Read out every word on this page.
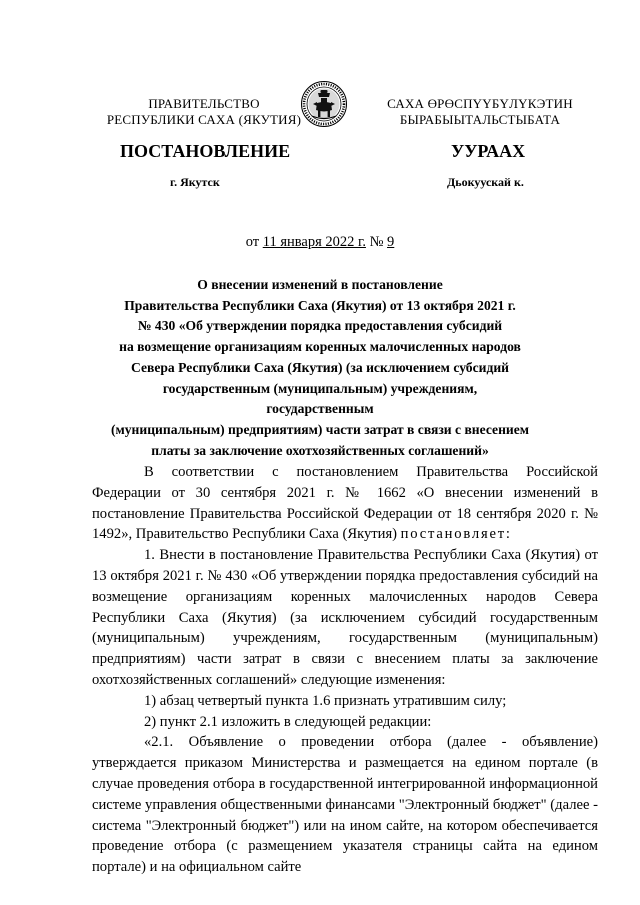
ПРАВИТЕЛЬСТВО
РЕСПУБЛИКИ САХА (ЯКУТИЯ)
САХА ӨРӨСПҮҮБҮЛҮКЭТИН
БЫРАБЫЫТАЛЬСТЫБАТА
ПОСТАНОВЛЕНИЕ	УУРААХ
г. Якутск	Дьокуускай к.
от 11 января 2022 г. № 9
О внесении изменений в постановление
Правительства Республики Саха (Якутия) от 13 октября 2021 г.
№ 430 «Об утверждении порядка предоставления субсидий
на возмещение организациям коренных малочисленных народов
Севера Республики Саха (Якутия) (за исключением субсидий
государственным (муниципальным) учреждениям, государственным
(муниципальным) предприятиям) части затрат в связи с внесением
платы за заключение охотхозяйственных соглашений»

В соответствии с постановлением Правительства Российской Федерации от 30 сентября 2021 г. № 1662 «О внесении изменений в постановление Правительства Российской Федерации от 18 сентября 2020 г. № 1492», Правительство Республики Саха (Якутия) постановляет:

1. Внести в постановление Правительства Республики Саха (Якутия) от 13 октября 2021 г. № 430 «Об утверждении порядка предоставления субсидий на возмещение организациям коренных малочисленных народов Севера Республики Саха (Якутия) (за исключением субсидий государственным (муниципальным) учреждениям, государственным (муниципальным) предприятиям) части затрат в связи с внесением платы за заключение охотхозяйственных соглашений» следующие изменения:

1) абзац четвертый пункта 1.6 признать утратившим силу;

2) пункт 2.1 изложить в следующей редакции:

«2.1. Объявление о проведении отбора (далее - объявление) утверждается приказом Министерства и размещается на едином портале (в случае проведения отбора в государственной интегрированной информационной системе управления общественными финансами "Электронный бюджет" (далее - система "Электронный бюджет") или на ином сайте, на котором обеспечивается проведение отбора (с размещением указателя страницы сайта на едином портале) и на официальном сайте
